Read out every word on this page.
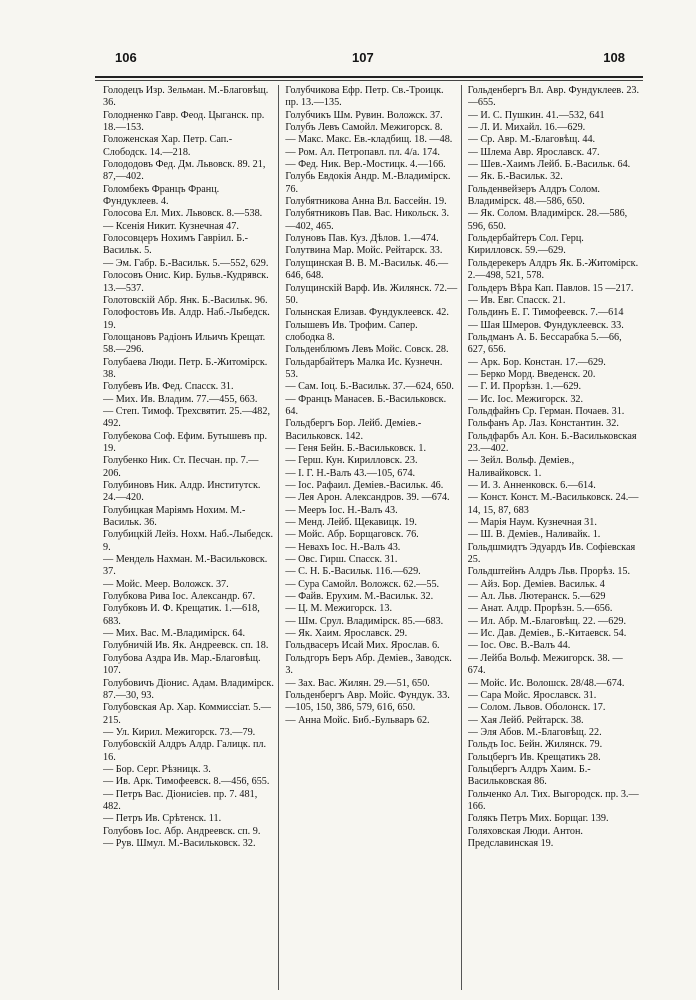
106	107	108

Голодецъ Изр. Зельман. М.-Благовѣщ. 36.

Голодненко Гавр. Феод. Цыганск. пр. 18.—153.

Голоженская Хар. Петр. Сап.-Слободск. 14.—218.

Голододовъ Фед. Дм. Львовск. 89. 21, 87,—402.

Голомбекъ Францъ Франц. Фундуклеев. 4.

Голосова Ел. Мих. Львовск. 8.—538.

— Ксенія Никит. Кузнечная 47.

Голосовцеръ Нохимъ Гавріил. Б.-Васильк. 5.

— Эм. Габр. Б.-Васильк. 5.—552, 629.

Голосовъ Онис. Кир. Бульв.-Кудрявск. 13.—537.

Голотовскій Абр. Янк. Б.-Васильк. 96.

Голофостовъ Ив. Алдр. Наб.-Лыбедск. 19.

Голощановъ Радіонъ Ильичъ Крещат. 58.—296.

Голубаева Люди. Петр. Б.-Житомірск. 38.

Голубевъ Ив. Фед. Спасск. 31.

— Мих. Ив. Владим. 77.—455, 663.

— Степ. Тимоф. Трехсвятит. 25.—482, 492.

Голубекова Соф. Ефим. Бутышевъ пр. 19.

Голубенко Ник. Ст. Песчан. пр. 7.—206.

Голубиновъ Ник. Алдр. Институтск. 24.—420.

Голубицкая Маріямъ Нохим. М.-Васильк. 36.

Голубицкій Лейз. Нохм. Наб.-Лыбедск. 9.

— Мендель Нахман. М.-Васильковск. 37.

— Мойс. Меер. Воложск. 37.

Голубкова Рива Іос. Александр. 67.

Голубковъ И. Ф. Крещатик. 1.—618, 683.

— Мих. Вас. М.-Владимірск. 64.

Голубничій Ив. Як. Андреевск. сп. 18.

Голубова Аздра Ив. Мар.-Благовѣщ. 107.

Голубовичъ Діонис. Адам. Владимірск. 87.—30, 93.

Голубовская Ар. Хар. Коммиссіат. 5.—215.

— Ул. Кирил. Межигорск. 73.—79.

Голубовскій Алдръ Алдр. Галицк. пл. 16.

— Бор. Серг. Рѣзницк. 3.

— Ив. Арк. Тимофеевск. 8.—456, 655.

— Петръ Вас. Діонисіев. пр. 7. 481, 482.

— Петръ Ив. Срѣтенск. 11.

Голубовъ Іос. Абр. Андреевск. сп. 9.

— Рув. Шмул. М.-Васильковск. 32.

Голубчикова Ефр. Петр. Св.-Троицк. пр. 13.—135.

Голубчикъ Шм. Рувин. Воложск. 37.

Голубъ Левъ Самойл. Межигорск. 8.

— Макс. Макс. Ев.-кладбищ. 18. —48.

— Ром. Ал. Петропавл. пл. 4/а. 174.

— Фед. Ник. Вер.-Мостицк. 4.—166.

Голубь Евдокія Андр. М.-Владимірск. 76.

Голубятникова Анна Вл. Бассейн. 19.

Голубятниковъ Пав. Вас. Никольск. 3.—402, 465.

Голуновъ Пав. Куз. Дѣлов. 1.—474.

Голутвина Мар. Мойс. Рейтарск. 33.

Голущинская В. В. М.-Васильк. 46.—646, 648.

Голущинскій Варф. Ив. Жилянск. 72.—50.

Голынская Елизав. Фундуклеевск. 42.

Голышевъ Ив. Трофим. Сапер. слободка 8.

Гольденблюмъ Левъ Мойс. Совск. 28.

Гольдарбайтеръ Малка Ис. Кузнечн. 53.

— Сам. Іоц. Б.-Васильк. 37.—624, 650.

— Францъ Манасев. Б.-Васильковск. 64.

Гольдбергъ Бор. Лейб. Деміев.-Васильковск. 142.

— Геня Бейн. Б.-Васильковск. 1.

— Герш. Кун. Кирилловск. 23.

— І. Г. Н.-Валъ 43.—105, 674.

— Іос. Рафаил. Деміев.-Васильк. 46.

— Лея Арон. Александров. 39. —674.

— Мееръ Іос. Н.-Валъ 43.

— Менд. Лейб. Щекавицк. 19.

— Мойс. Абр. Борщаговск. 76.

— Невахъ Іос. Н.-Валъ 43.

— Овс. Гирш. Спасск. 31.

— С. Н. Б.-Васильк. 116.—629.

— Сура Самойл. Воложск. 62.—55.

— Файв. Ерухим. М.-Васильк. 32.

— Ц. М. Межигорск. 13.

— Шм. Срул. Владимірск. 85.—683.

— Як. Хаим. Ярославск. 29.

Гольдвасеръ Исай Мих. Ярослав. 6.

Гольдгоръ Беръ Абр. Деміев., Заводск. 3.

— Зах. Вас. Жилян. 29.—51, 650.

Гольденбергъ Авр. Мойс. Фундук. 33.—105, 150, 386, 579, 616, 650.

— Анна Мойс. Биб.-Бульваръ 62.

Гольденбергъ Вл. Авр. Фундуклеев. 23.—655.

— И. С. Пушкин. 41.—532, 641

— Л. И. Михайл. 16.—629.

— Ср. Авр. М.-Благовѣщ. 44.

— Шлема Авр. Ярославск. 47.

— Шев.-Хаимъ Лейб. Б.-Васильк. 64.

— Як. Б.-Васильк. 32.

Гольденвейзеръ Алдръ Солом. Владимірск. 48.—586, 650.

— Як. Солом. Владимірск. 28.—586, 596, 650.

Гольдербайтеръ Сол. Герц. Кирилловск. 59.—629.

Гольдерекеръ Алдръ Як. Б.-Житомірск. 2.—498, 521, 578.

Гольдеръ Вѣра Кап. Павлов. 15 —217.

— Ив. Евг. Спасск. 21.

Гольдинъ Е. Г. Тимофеевск. 7.—614

— Шая Шмеров. Фундуклеевск. 33.

Гольдманъ А. Б. Бессарабка 5.—66, 627, 656.

— Арк. Бор. Констан. 17.—629.

— Берко Морд. Введенск. 20.

— Г. И. Прорѣзн. 1.—629.

— Ис. Іос. Межигорск. 32.

Гольдфайнъ Ср. Герман. Почаев. 31.

Гольфанъ Ар. Лаз. Константин. 32.

Гольдфарбъ Ал. Кон. Б.-Васильковская 23.—402.

— Зейл. Вольф. Деміев., Наливайковск. 1.

— И. З. Анненковск. 6.—614.

— Конст. Конст. М.-Васильковск. 24.—14, 15, 87, 683

— Марія Наум. Кузнечная 31.

— Ш. В. Деміев., Наливайк. 1.

Гольдшмидтъ Эдуардъ Ив. Софіевская 25.

Гольдштейнъ Алдръ Льв. Прорѣз. 15.

— Айз. Бор. Деміев. Васильк. 4

— Ал. Льв. Лютеранск. 5.—629

— Анат. Алдр. Прорѣзн. 5.—656.

— Ил. Абр. М.-Благовѣщ. 22. —629.

— Ис. Дав. Деміев., Б.-Китаевск. 54.

— Іос. Овс. В.-Валъ 44.

— Лейба Вольф. Межигорск. 38. —674.

— Мойс. Ис. Волошск. 28/48.—674.

— Сара Мойс. Ярославск. 31.

— Солом. Львов. Оболонск. 17.

— Хая Лейб. Рейтарск. 38.

— Эля Абов. М.-Благовѣщ. 22.

Гольдъ Іос. Бейн. Жилянск. 79.

Гольцбергъ Ив. Крещатикъ 28.

Гольцбергъ Алдръ Хаим. Б.-Васильковская 86.

Гольченко Ал. Тих. Выгородск. пр. 3.—166.

Голякъ Петръ Мих. Борщаг. 139.

Голяховская Люди. Антон. Предславинская 19.
